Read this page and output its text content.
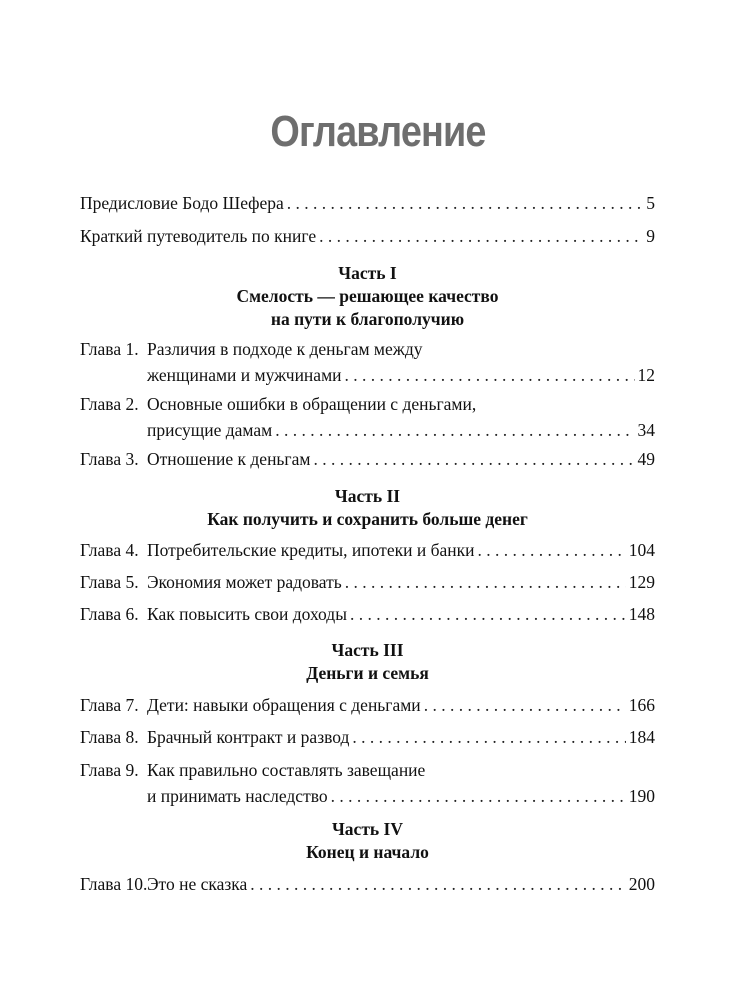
Оглавление
Предисловие Бодо Шефера . . .	5
Краткий путеводитель по книге . . .	9
Часть I
Смелость — решающее качество
на пути к благополучию
Глава 1. Различия в подходе к деньгам между
женщинами и мужчинами . . .	12
Глава 2. Основные ошибки в обращении с деньгами,
присущие дамам . . .	34
Глава 3. Отношение к деньгам . . .	49
Часть II
Как получить и сохранить больше денег
Глава 4. Потребительские кредиты, ипотеки и банки . . .	104
Глава 5. Экономия может радовать . . .	129
Глава 6. Как повысить свои доходы . . .	148
Часть III
Деньги и семья
Глава 7. Дети: навыки обращения с деньгами . . .	166
Глава 8. Брачный контракт и развод . . .	184
Глава 9. Как правильно составлять завещание
и принимать наследство . . .	190
Часть IV
Конец и начало
Глава 10. Это не сказка . . .	200
